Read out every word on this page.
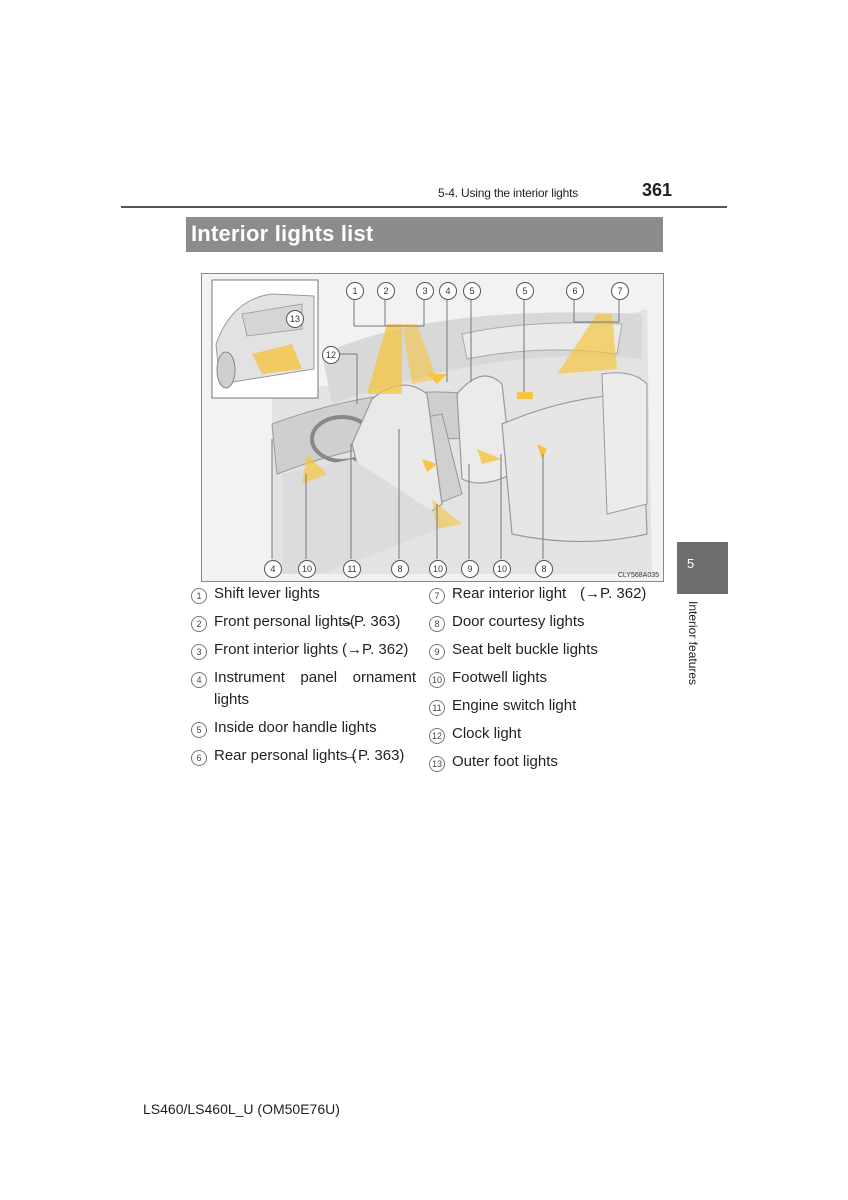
5-4. Using the interior lights	361
Interior lights list
CLY568A035
1	2	3	4	5	5	6	7
12
13
4	10	11	8	10	9	10	8	5
Interior features
1 Shift lever lights
2 Front personal lights(
→P. 363)
3 Front interior lights (→P. 362)
4 Instrument panel ornament
lights
5 Inside door handle lights
6 Rear personal lights (
→P. 363)
7 Rear interior light (→P. 362)
8 Door courtesy lights
9 Seat belt buckle lights
10 Footwell lights
11 Engine switch light
12 Clock light
13 Outer foot lights
LS460/LS460L_U (OM50E76U)
